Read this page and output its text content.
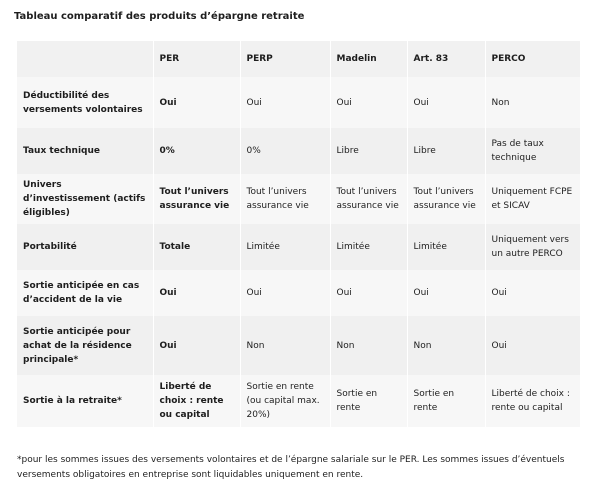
Tableau comparatif des produits d’épargne retraite
	PER	PERP	Madelin	Art. 83	PERCO
Déductibilité des versements volontaires	Oui	Oui	Oui	Oui	Non
Taux technique	0%	0%	Libre	Libre	Pas de taux technique
Univers d’investissement (actifs éligibles)	Tout l’univers assurance vie	Tout l’univers assurance vie	Tout l’univers assurance vie	Tout l’univers assurance vie	Uniquement FCPE et SICAV
Portabilité	Totale	Limitée	Limitée	Limitée	Uniquement vers un autre PERCO
Sortie anticipée en cas d’accident de la vie	Oui	Oui	Oui	Oui	Oui
Sortie anticipée pour achat de la résidence principale*	Oui	Non	Non	Non	Oui
Sortie à la retraite*	Liberté de choix : rente ou capital	Sortie en rente (ou capital max. 20%)	Sortie en rente	Sortie en rente	Liberté de choix : rente ou capital
*pour les sommes issues des versements volontaires et de l’épargne salariale sur le PER. Les sommes issues d’éventuels versements obligatoires en entreprise sont liquidables uniquement en rente.
